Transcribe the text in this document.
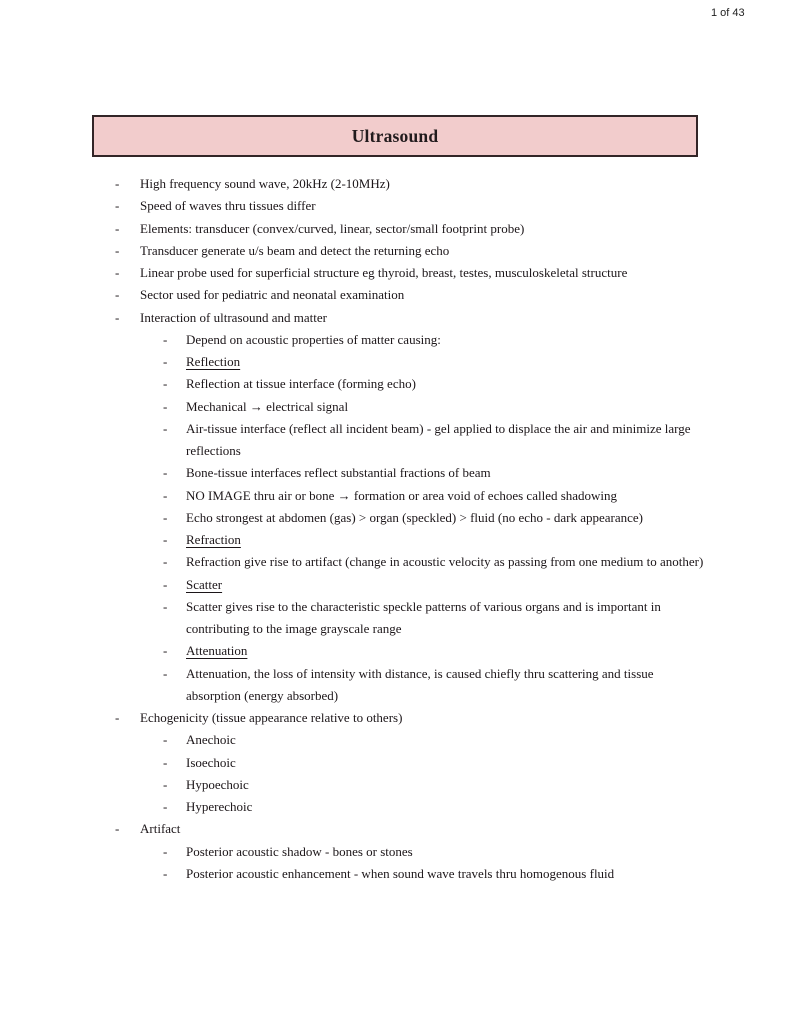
1 of 43
Ultrasound
-	High frequency sound wave, 20kHz (2-10MHz)
-	Speed of waves thru tissues differ
-	Elements: transducer (convex/curved, linear, sector/small footprint probe)
-	Transducer generate u/s beam and detect the returning echo
-	Linear probe used for superficial structure eg thyroid, breast, testes, musculoskeletal structure
-	Sector used for pediatric and neonatal examination
-	Interaction of ultrasound and matter
-	Depend on acoustic properties of matter causing:
-	Reflection
-	Reflection at tissue interface (forming echo)
-	Mechanical → electrical signal
-	Air-tissue interface (reflect all incident beam) - gel applied to displace the air and minimize large reflections
-	Bone-tissue interfaces reflect substantial fractions of beam
-	NO IMAGE thru air or bone → formation or area void of echoes called shadowing
-	Echo strongest at abdomen (gas) > organ (speckled) > fluid (no echo - dark appearance)
-	Refraction
-	Refraction give rise to artifact (change in acoustic velocity as passing from one medium to another)
-	Scatter
-	Scatter gives rise to the characteristic speckle patterns of various organs and is important in contributing to the image grayscale range
-	Attenuation
-	Attenuation, the loss of intensity with distance, is caused chiefly thru scattering and tissue absorption (energy absorbed)
-	Echogenicity (tissue appearance relative to others)
-	Anechoic
-	Isoechoic
-	Hypoechoic
-	Hyperechoic
-	Artifact
-	Posterior acoustic shadow - bones or stones
-	Posterior acoustic enhancement - when sound wave travels thru homogenous fluid
